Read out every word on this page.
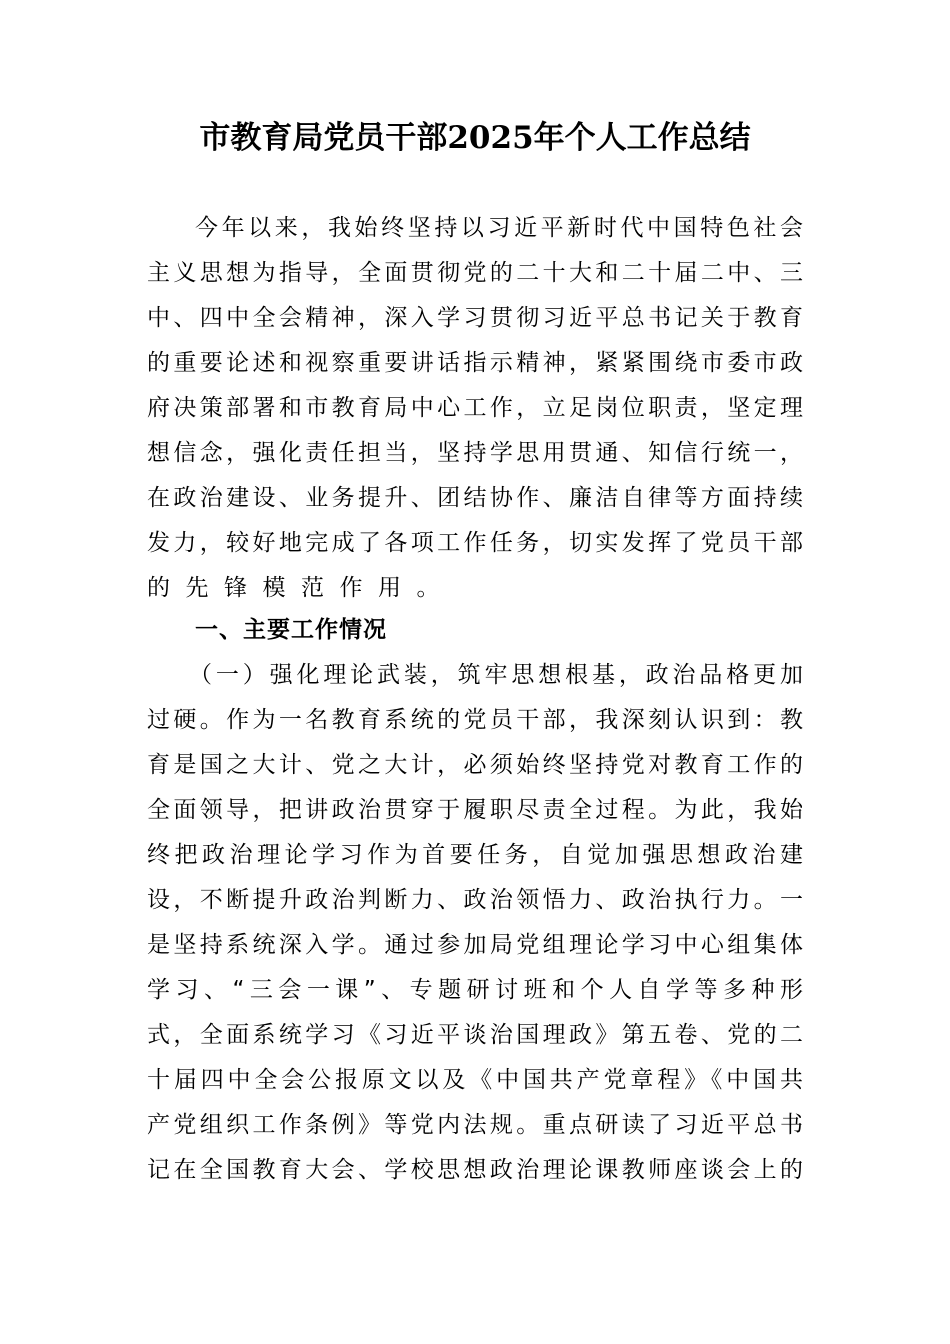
市教育局党员干部2025年个人工作总结
今年以来，我始终坚持以习近平新时代中国特色社会
主义思想为指导，全面贯彻党的二十大和二十届二中、三
中、四中全会精神，深入学习贯彻习近平总书记关于教育
的重要论述和视察重要讲话指示精神，紧紧围绕市委市政
府决策部署和市教育局中心工作，立足岗位职责，坚定理
想信念，强化责任担当，坚持学思用贯通、知信行统一，
在政治建设、业务提升、团结协作、廉洁自律等方面持续
发力，较好地完成了各项工作任务，切实发挥了党员干部
的先锋模范作用。
一、主要工作情况
（一）强化理论武装，筑牢思想根基，政治品格更加
过硬。作为一名教育系统的党员干部，我深刻认识到：教
育是国之大计、党之大计，必须始终坚持党对教育工作的
全面领导，把讲政治贯穿于履职尽责全过程。为此，我始
终把政治理论学习作为首要任务，自觉加强思想政治建
设，不断提升政治判断力、政治领悟力、政治执行力。一
是坚持系统深入学。通过参加局党组理论学习中心组集体
学习、“三会一课”、专题研讨班和个人自学等多种形
式，全面系统学习《习近平谈治国理政》第五卷、党的二
十届四中全会公报原文以及《中国共产党章程》《中国共
产党组织工作条例》等党内法规。重点研读了习近平总书
记在全国教育大会、学校思想政治理论课教师座谈会上的
